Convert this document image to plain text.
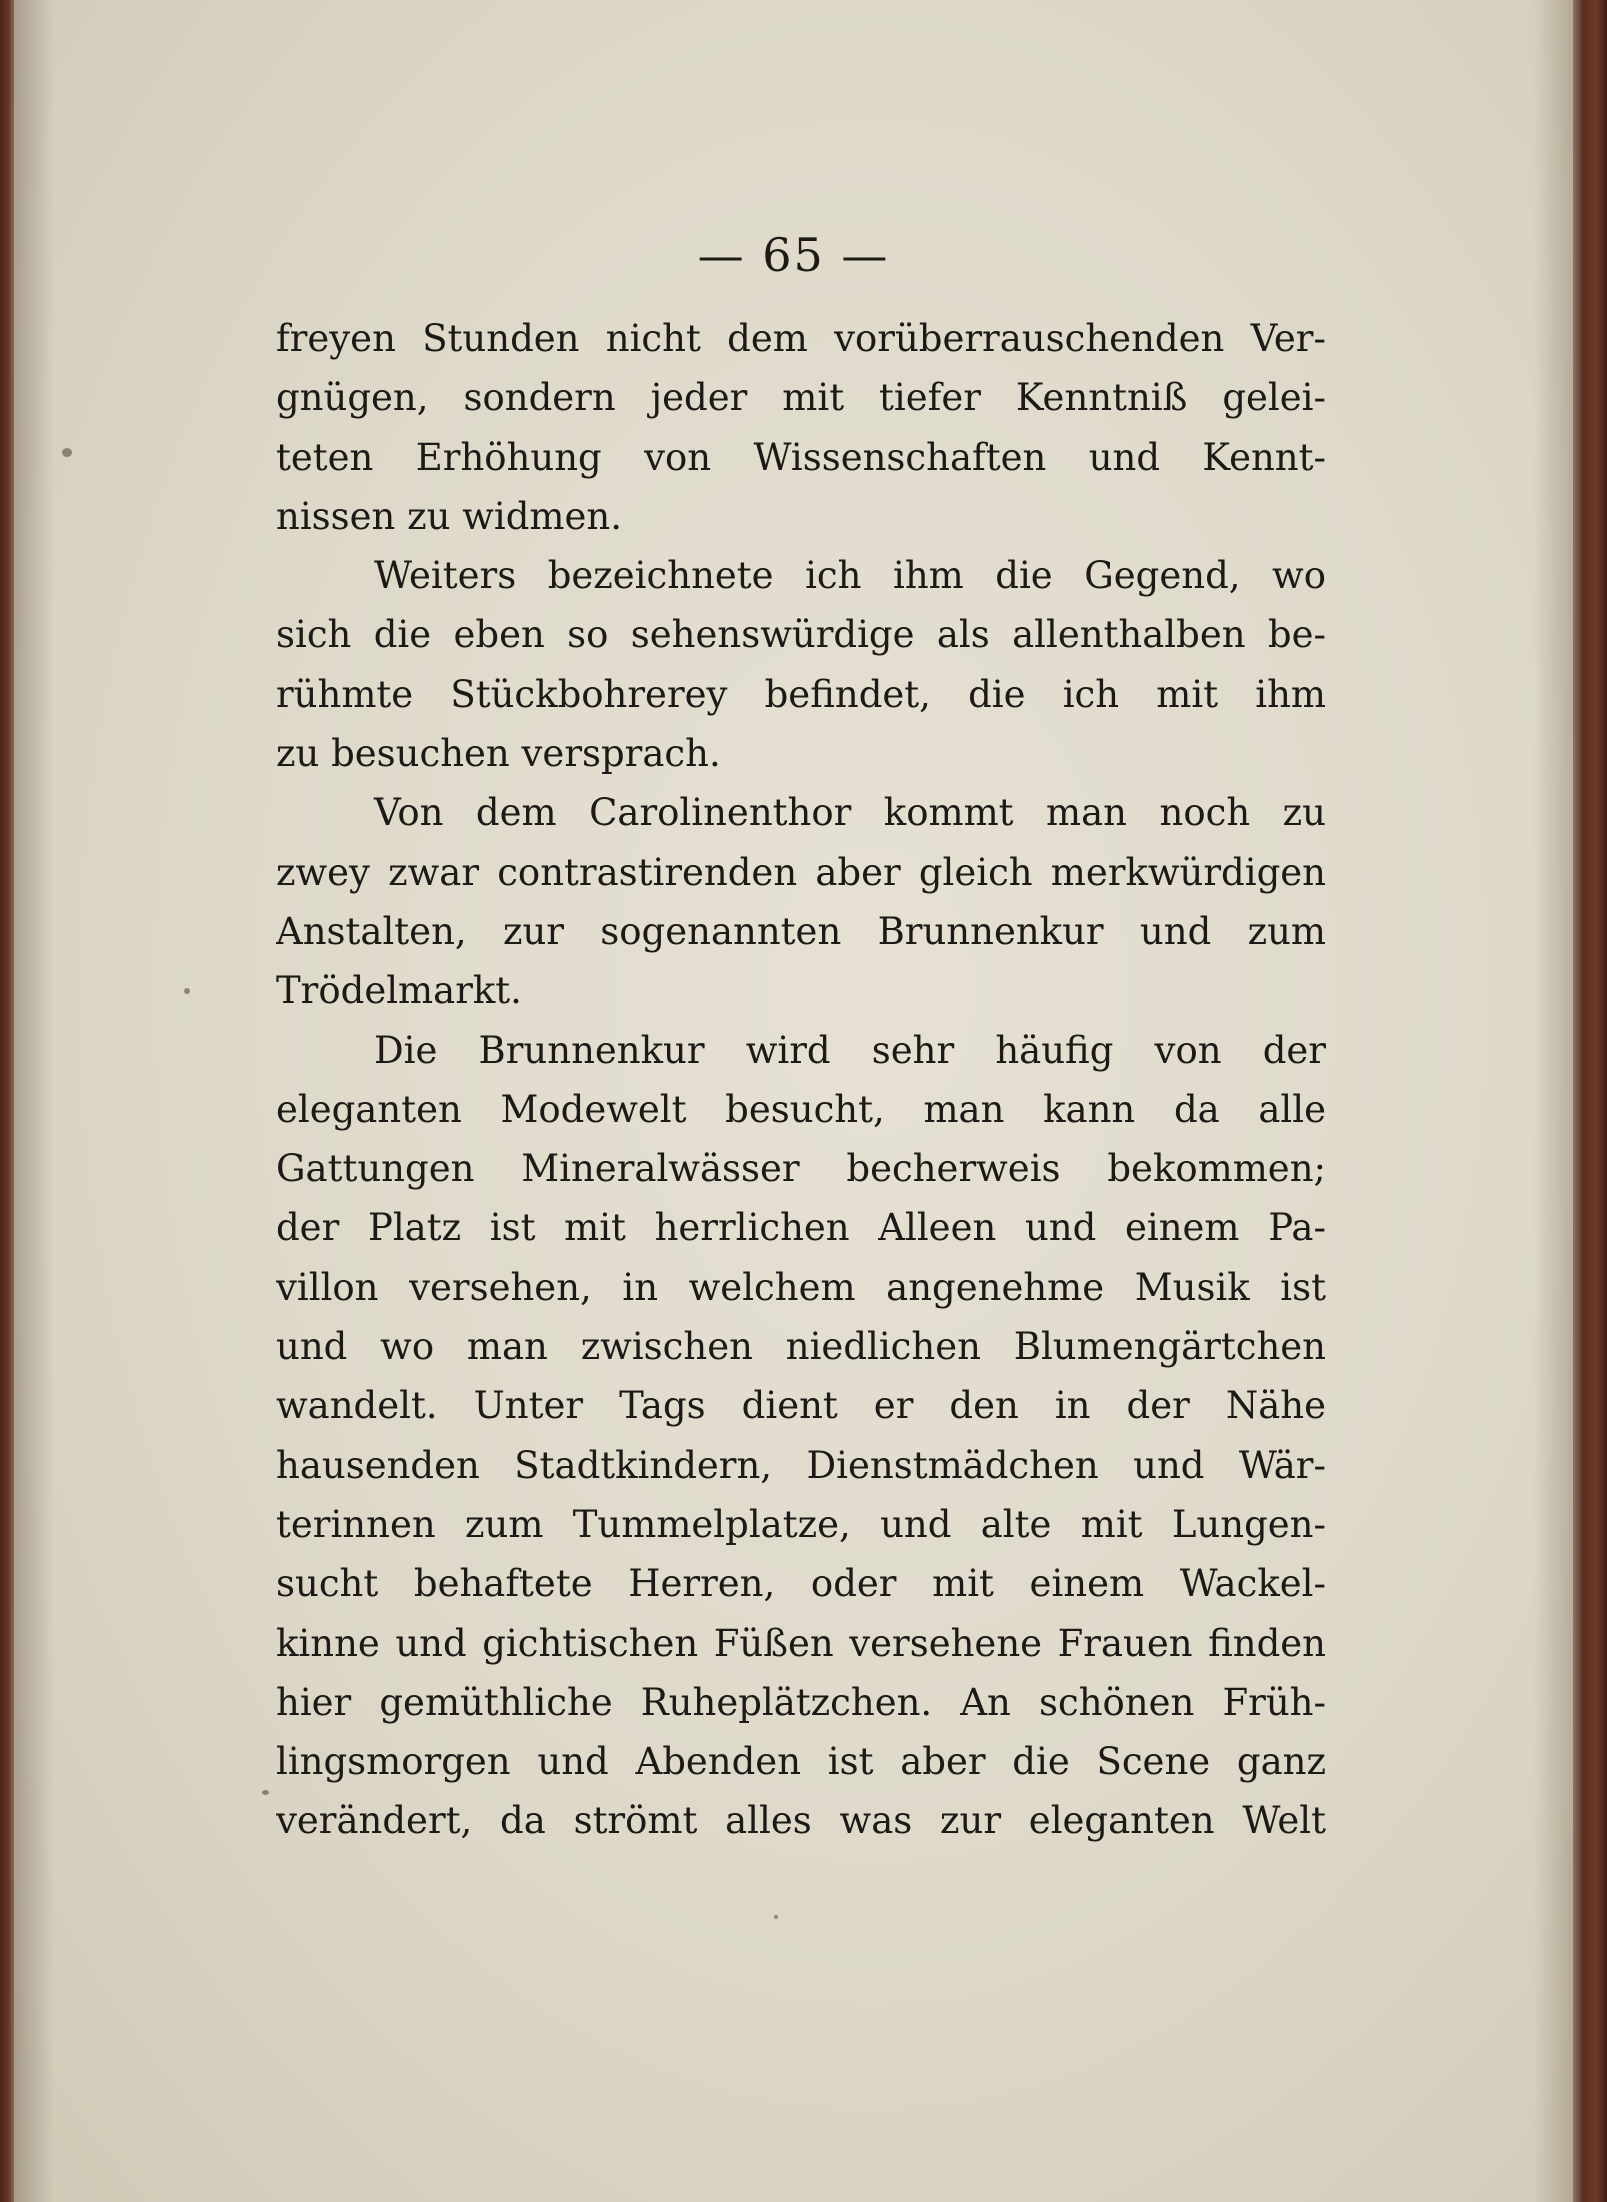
— 65 —
freyen Stunden nicht dem vorüberrauschenden Ver-
gnügen, sondern jeder mit tiefer Kenntniß gelei-
teten Erhöhung von Wissenschaften und Kennt-
nissen zu widmen.
Weiters bezeichnete ich ihm die Gegend, wo
sich die eben so sehenswürdige als allenthalben be-
rühmte Stückbohrerey befindet, die ich mit ihm
zu besuchen versprach.
Von dem Carolinenthor kommt man noch zu
zwey zwar contrastirenden aber gleich merkwürdigen
Anstalten, zur sogenannten Brunnenkur und zum
Trödelmarkt.
Die Brunnenkur wird sehr häufig von der
eleganten Modewelt besucht, man kann da alle
Gattungen Mineralwässer becherweis bekommen;
der Platz ist mit herrlichen Alleen und einem Pa-
villon versehen, in welchem angenehme Musik ist
und wo man zwischen niedlichen Blumengärtchen
wandelt. Unter Tags dient er den in der Nähe
hausenden Stadtkindern, Dienstmädchen und Wär-
terinnen zum Tummelplatze, und alte mit Lungen-
sucht behaftete Herren, oder mit einem Wackel-
kinne und gichtischen Füßen versehene Frauen finden
hier gemüthliche Ruheplätzchen. An schönen Früh-
lingsmorgen und Abenden ist aber die Scene ganz
verändert, da strömt alles was zur eleganten Welt
